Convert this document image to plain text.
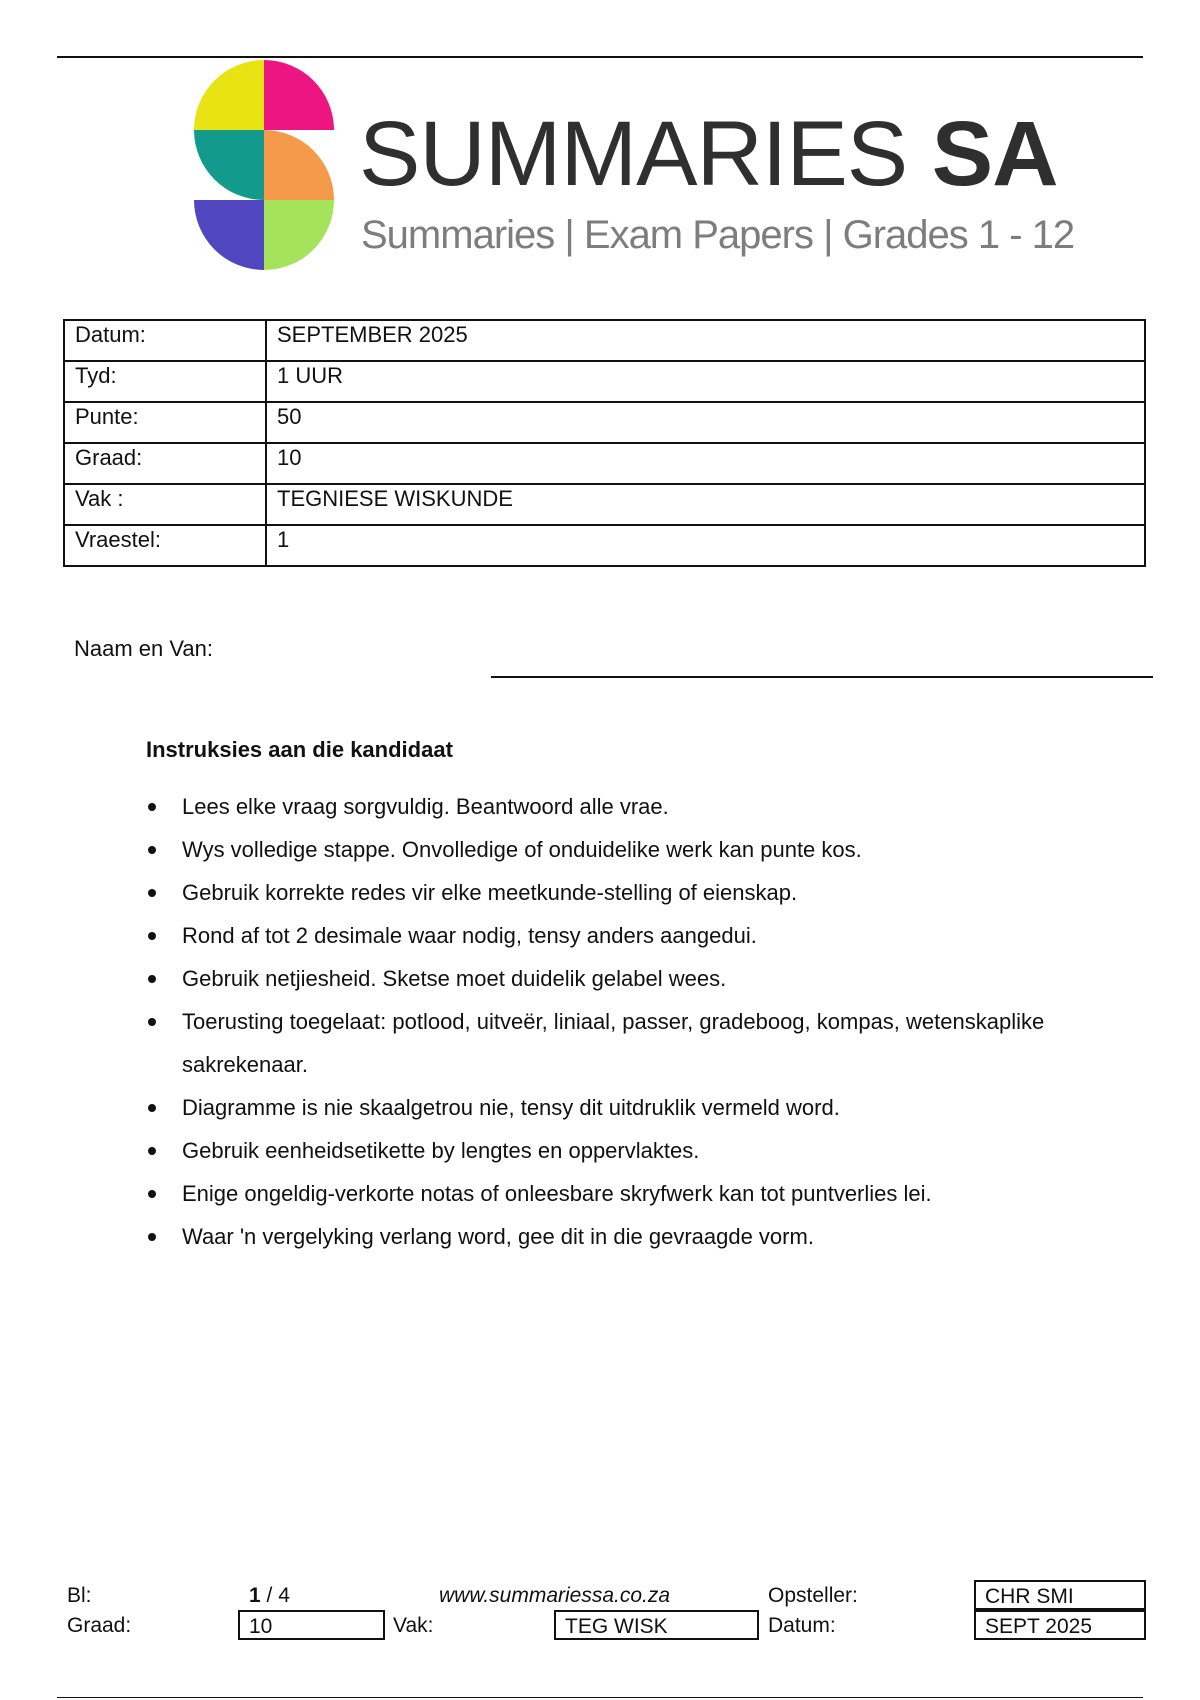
SUMMARIES SA
Summaries | Exam Papers | Grades 1 - 12
Datum:	SEPTEMBER 2025
Tyd:	1 UUR
Punte:	50
Graad:	10
Vak :	TEGNIESE WISKUNDE
Vraestel:	1
Naam en Van:
Instruksies aan die kandidaat
Lees elke vraag sorgvuldig. Beantwoord alle vrae.
Wys volledige stappe. Onvolledige of onduidelike werk kan punte kos.
Gebruik korrekte redes vir elke meetkunde-stelling of eienskap.
Rond af tot 2 desimale waar nodig, tensy anders aangedui.
Gebruik netjiesheid. Sketse moet duidelik gelabel wees.
Toerusting toegelaat: potlood, uitveër, liniaal, passer, gradeboog, kompas, wetenskaplike sakrekenaar.
Diagramme is nie skaalgetrou nie, tensy dit uitdruklik vermeld word.
Gebruik eenheidsetikette by lengtes en oppervlaktes.
Enige ongeldig-verkorte notas of onleesbare skryfwerk kan tot puntverlies lei.
Waar 'n vergelyking verlang word, gee dit in die gevraagde vorm.
Bl:	1 / 4	www.summariessa.co.za	Opsteller:	CHR SMI
Graad:	10	Vak:	TEG WISK	Datum:	SEPT 2025
